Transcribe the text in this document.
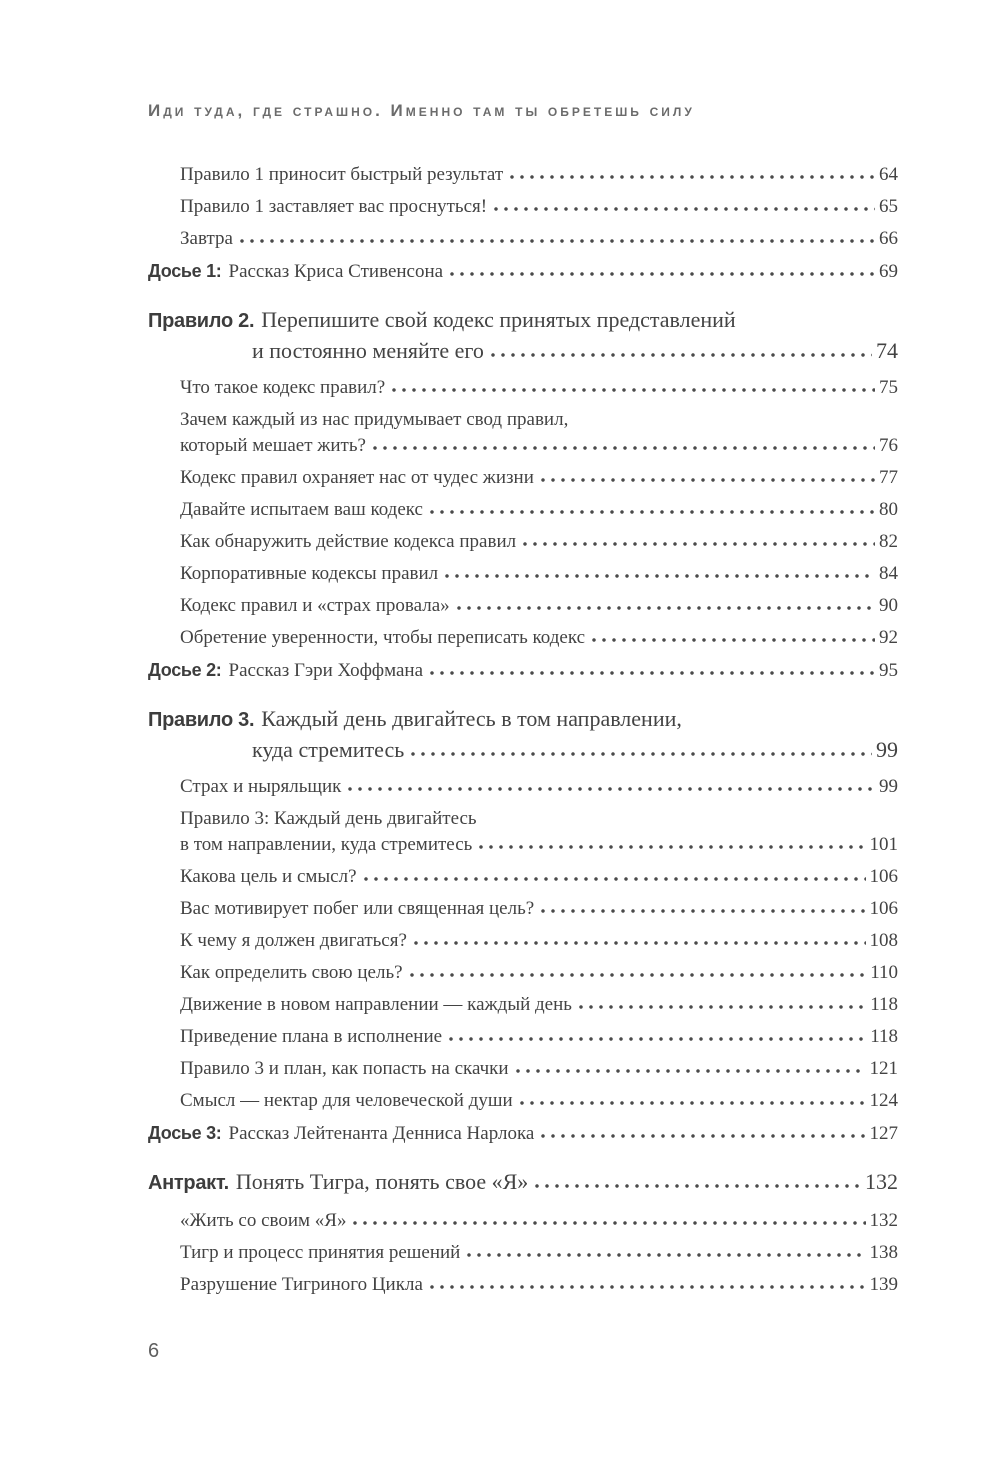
Иди туда, где страшно. Именно там ты обретешь силу
Правило 1 приносит быстрый результат	64
Правило 1 заставляет вас проснуться!	65
Завтра	66
Досье 1: Рассказ Криса Стивенсона	69
Правило 2. Перепишите свой кодекс принятых представлений
и постоянно меняйте его	74
Что такое кодекс правил?	75
Зачем каждый из нас придумывает свод правил,
который мешает жить?	76
Кодекс правил охраняет нас от чудес жизни	77
Давайте испытаем ваш кодекс	80
Как обнаружить действие кодекса правил	82
Корпоративные кодексы правил	84
Кодекс правил и «страх провала»	90
Обретение уверенности, чтобы переписать кодекс	92
Досье 2: Рассказ Гэри Хоффмана	95
Правило 3. Каждый день двигайтесь в том направлении,
куда стремитесь	99
Страх и ныряльщик	99
Правило 3: Каждый день двигайтесь
в том направлении, куда стремитесь	101
Какова цель и смысл?	106
Вас мотивирует побег или священная цель?	106
К чему я должен двигаться?	108
Как определить свою цель?	110
Движение в новом направлении — каждый день	118
Приведение плана в исполнение	118
Правило 3 и план, как попасть на скачки	121
Смысл — нектар для человеческой души	124
Досье 3: Рассказ Лейтенанта Денниса Нарлока	127
Антракт. Понять Тигра, понять свое «Я»	132
«Жить со своим «Я»	132
Тигр и процесс принятия решений	138
Разрушение Тигриного Цикла	139
6
